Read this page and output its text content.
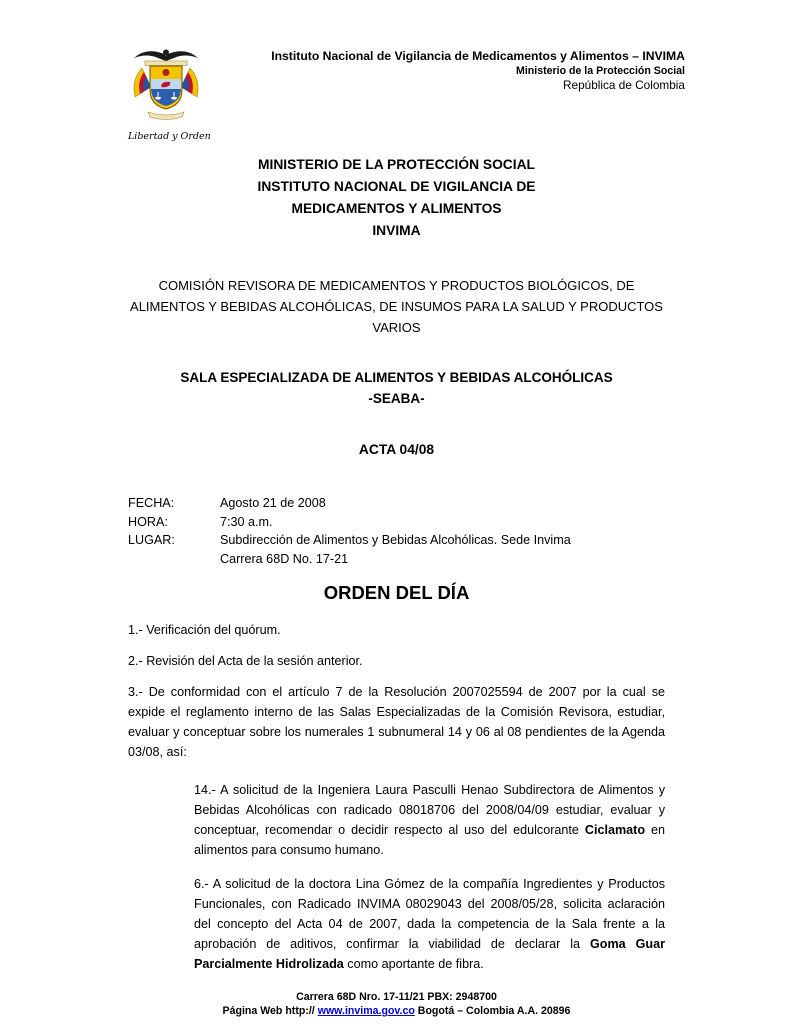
Libertad y Orden
Instituto Nacional de Vigilancia de Medicamentos y Alimentos – INVIMA
Ministerio de la Protección Social
República de Colombia
MINISTERIO DE LA PROTECCIÓN SOCIAL
INSTITUTO NACIONAL DE VIGILANCIA DE
MEDICAMENTOS Y ALIMENTOS
INVIMA
COMISIÓN REVISORA DE MEDICAMENTOS Y PRODUCTOS BIOLÓGICOS, DE ALIMENTOS Y BEBIDAS ALCOHÓLICAS, DE INSUMOS PARA LA SALUD Y PRODUCTOS VARIOS
SALA ESPECIALIZADA DE ALIMENTOS Y BEBIDAS ALCOHÓLICAS
-SEABA-
ACTA 04/08
FECHA:	Agosto 21 de 2008
HORA:	7:30 a.m.
LUGAR:	Subdirección de Alimentos y Bebidas Alcohólicas. Sede Invima
Carrera 68D No. 17-21
ORDEN DEL DÍA

1.- Verificación del quórum.

2.- Revisión del Acta de la sesión anterior.

3.- De conformidad con el artículo 7 de la Resolución 2007025594 de 2007 por la cual se expide el reglamento interno de las Salas Especializadas de la Comisión Revisora, estudiar, evaluar y conceptuar sobre los numerales 1 subnumeral 14 y 06 al 08 pendientes de la Agenda 03/08, así:

14.- A solicitud de la Ingeniera Laura Pasculli Henao Subdirectora de Alimentos y Bebidas Alcohólicas con radicado 08018706 del 2008/04/09 estudiar, evaluar y conceptuar, recomendar o decidir respecto al uso del edulcorante Ciclamato en alimentos para consumo humano.

6.- A solicitud de la doctora Lina Gómez de la compañía Ingredientes y Productos Funcionales, con Radicado INVIMA 08029043 del 2008/05/28, solicita aclaración del concepto del Acta 04 de 2007, dada la competencia de la Sala frente a la aprobación de aditivos, confirmar la viabilidad de declarar la Goma Guar Parcialmente Hidrolizada como aportante de fibra.

Carrera 68D Nro. 17-11/21 PBX: 2948700
Página Web http:// www.invima.gov.co Bogotá – Colombia A.A. 20896
